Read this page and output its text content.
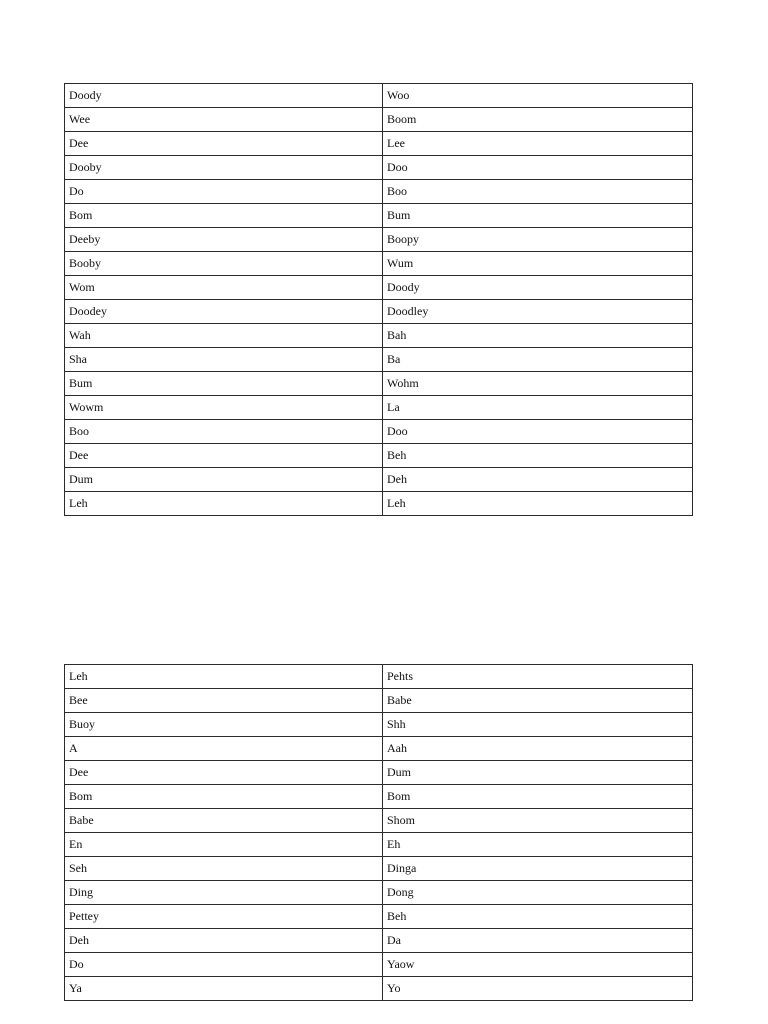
Doody	Woo
Wee	Boom
Dee	Lee
Dooby	Doo
Do	Boo
Bom	Bum
Deeby	Boopy
Booby	Wum
Wom	Doody
Doodey	Doodley
Wah	Bah
Sha	Ba
Bum	Wohm
Wowm	La
Boo	Doo
Dee	Beh
Dum	Deh
Leh	Leh
Leh	Pehts
Bee	Babe
Buoy	Shh
A	Aah
Dee	Dum
Bom	Bom
Babe	Shom
En	Eh
Seh	Dinga
Ding	Dong
Pettey	Beh
Deh	Da
Do	Yaow
Ya	Yo
